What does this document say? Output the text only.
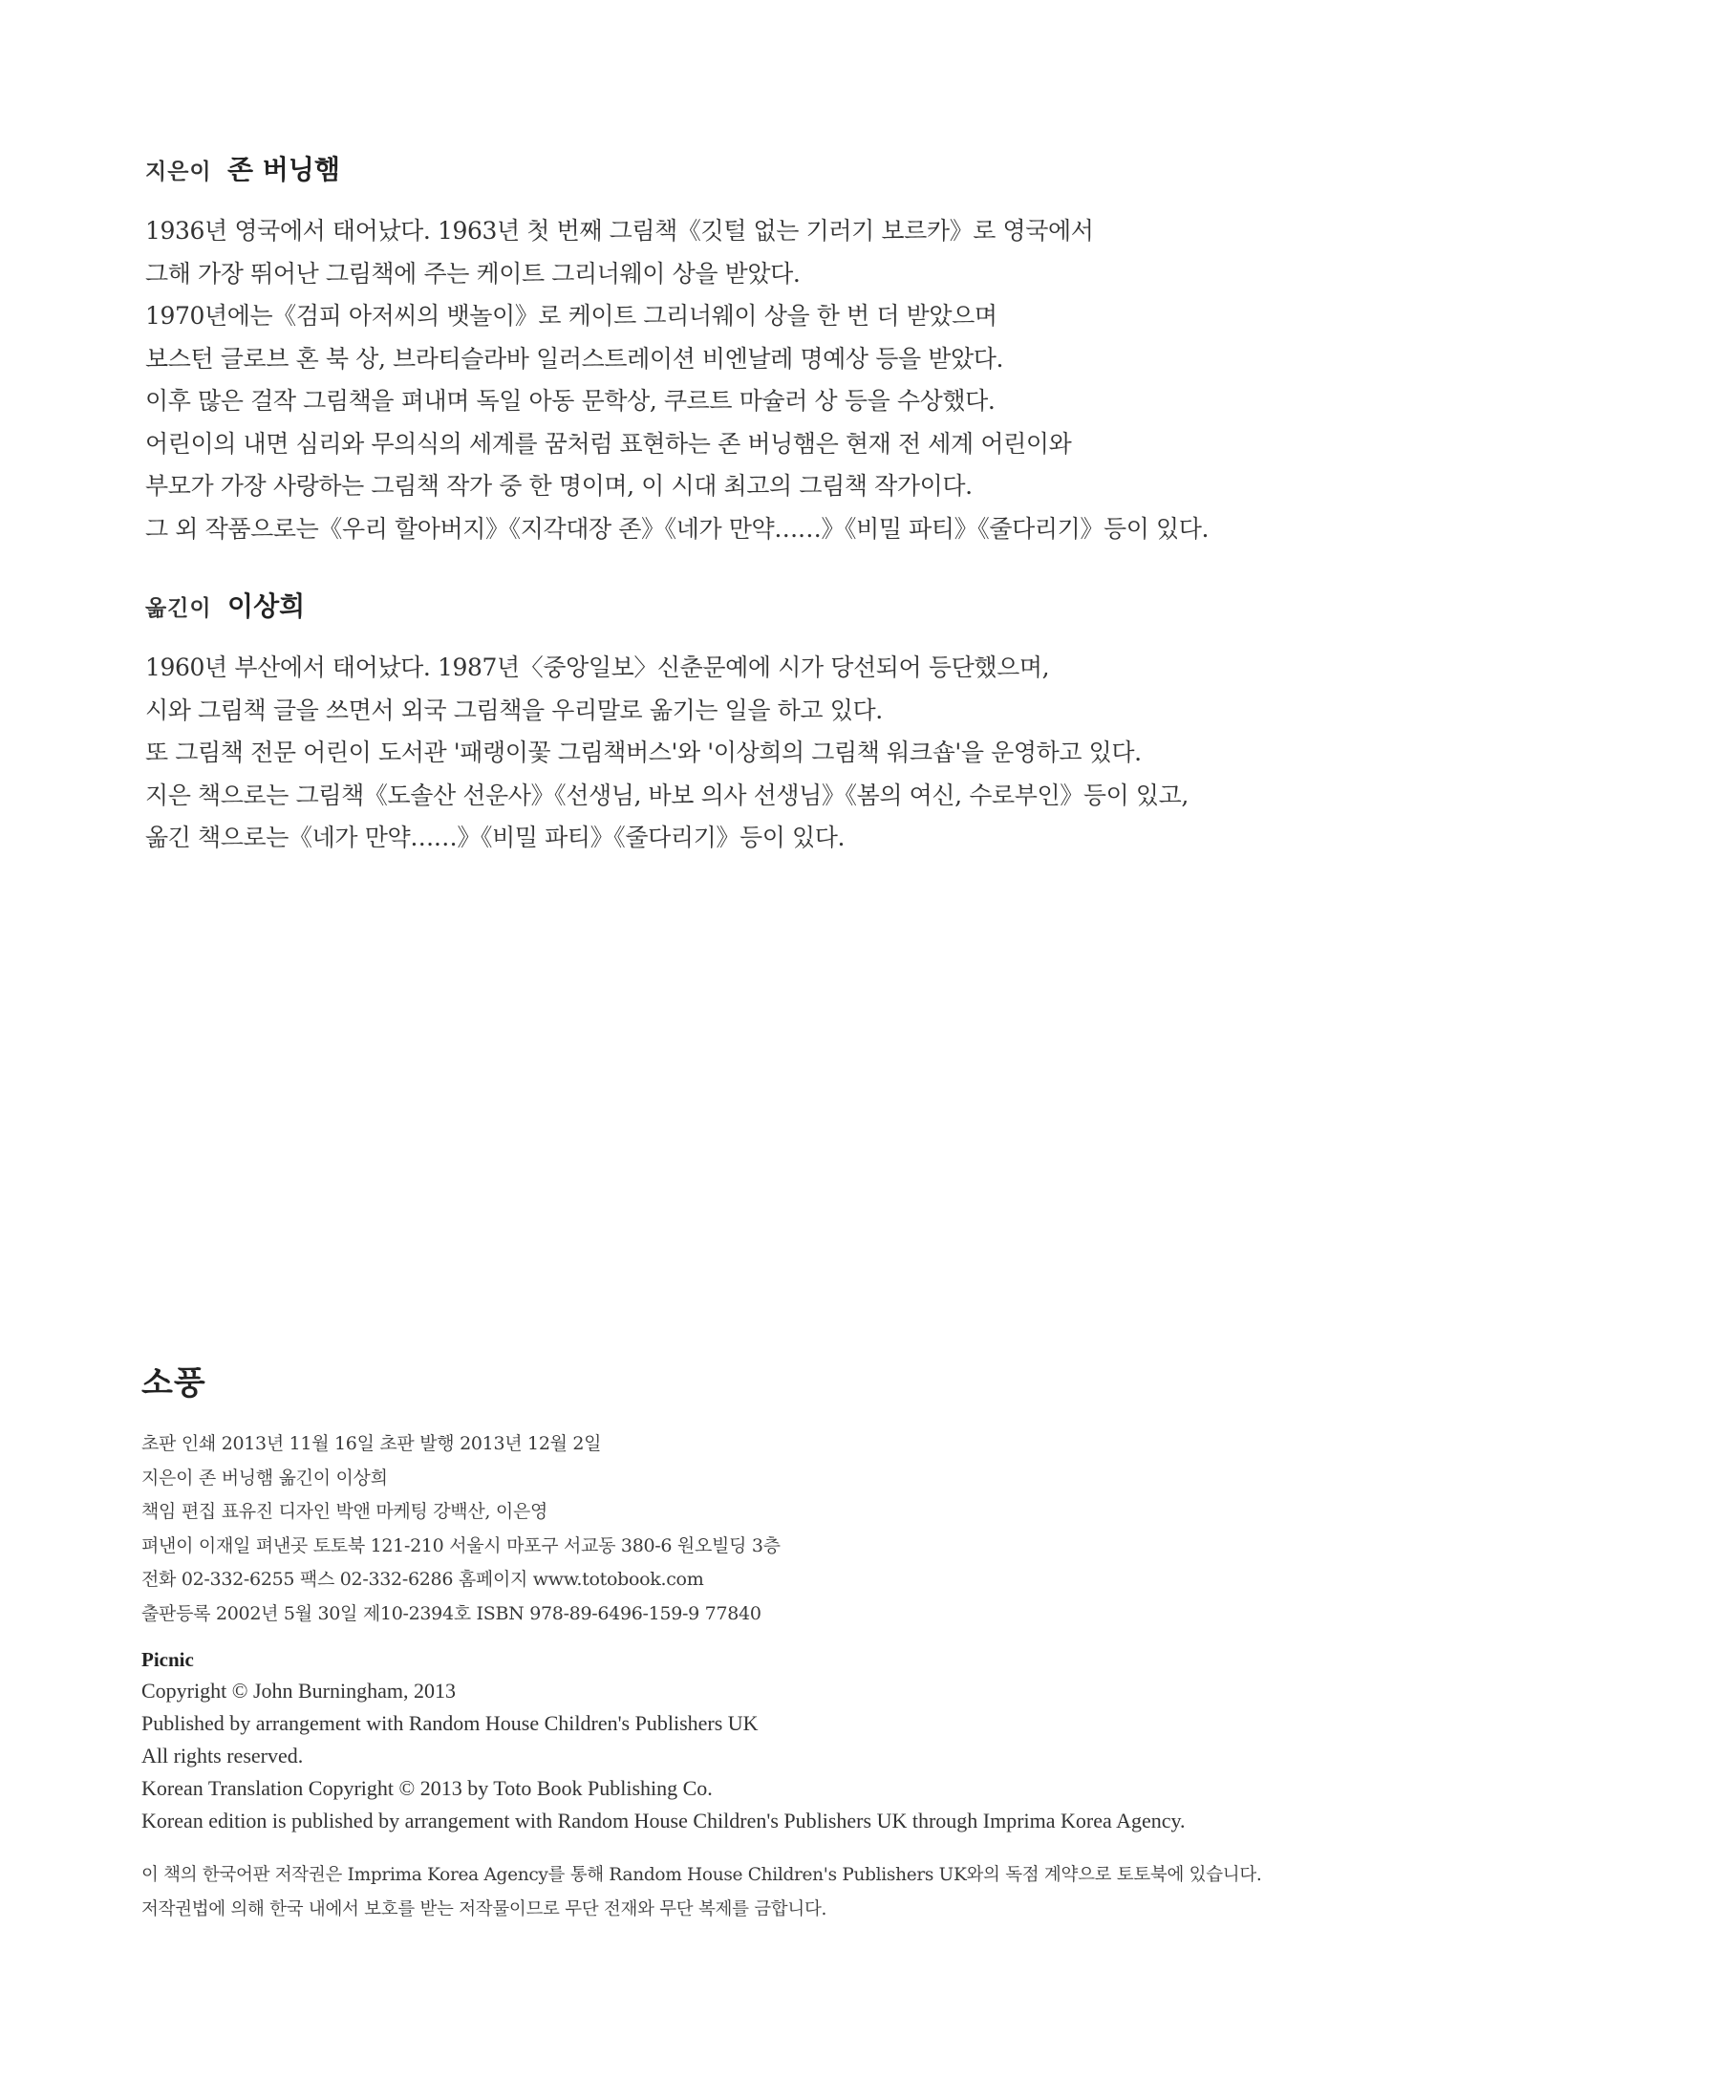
지은이 존 버닝햄
1936년 영국에서 태어났다. 1963년 첫 번째 그림책《깃털 없는 기러기 보르카》로 영국에서
그해 가장 뛰어난 그림책에 주는 케이트 그리너웨이 상을 받았다.
1970년에는《검피 아저씨의 뱃놀이》로 케이트 그리너웨이 상을 한 번 더 받았으며
보스턴 글로브 혼 북 상, 브라티슬라바 일러스트레이션 비엔날레 명예상 등을 받았다.
이후 많은 걸작 그림책을 펴내며 독일 아동 문학상, 쿠르트 마슐러 상 등을 수상했다.
어린이의 내면 심리와 무의식의 세계를 꿈처럼 표현하는 존 버닝햄은 현재 전 세계 어린이와
부모가 가장 사랑하는 그림책 작가 중 한 명이며, 이 시대 최고의 그림책 작가이다.
그 외 작품으로는《우리 할아버지》《지각대장 존》《네가 만약……》《비밀 파티》《줄다리기》등이 있다.
옮긴이 이상희
1960년 부산에서 태어났다. 1987년〈중앙일보〉신춘문예에 시가 당선되어 등단했으며,
시와 그림책 글을 쓰면서 외국 그림책을 우리말로 옮기는 일을 하고 있다.
또 그림책 전문 어린이 도서관 '패랭이꽃 그림책버스'와 '이상희의 그림책 워크숍'을 운영하고 있다.
지은 책으로는 그림책《도솔산 선운사》《선생님, 바보 의사 선생님》《봄의 여신, 수로부인》등이 있고,
옮긴 책으로는《네가 만약……》《비밀 파티》《줄다리기》등이 있다.
소풍
초판 인쇄 2013년 11월 16일 초판 발행 2013년 12월 2일
지은이 존 버닝햄 옮긴이 이상희
책임 편집 표유진 디자인 박앤 마케팅 강백산, 이은영
펴낸이 이재일 펴낸곳 토토북 121-210 서울시 마포구 서교동 380-6 원오빌딩 3층
전화 02-332-6255 팩스 02-332-6286 홈페이지 www.totobook.com
출판등록 2002년 5월 30일 제10-2394호 ISBN 978-89-6496-159-9 77840
Picnic
Copyright © John Burningham, 2013
Published by arrangement with Random House Children's Publishers UK
All rights reserved.
Korean Translation Copyright © 2013 by Toto Book Publishing Co.
Korean edition is published by arrangement with Random House Children's Publishers UK through Imprima Korea Agency.
이 책의 한국어판 저작권은 Imprima Korea Agency를 통해 Random House Children's Publishers UK와의 독점 계약으로 토토북에 있습니다.
저작권법에 의해 한국 내에서 보호를 받는 저작물이므로 무단 전재와 무단 복제를 금합니다.
